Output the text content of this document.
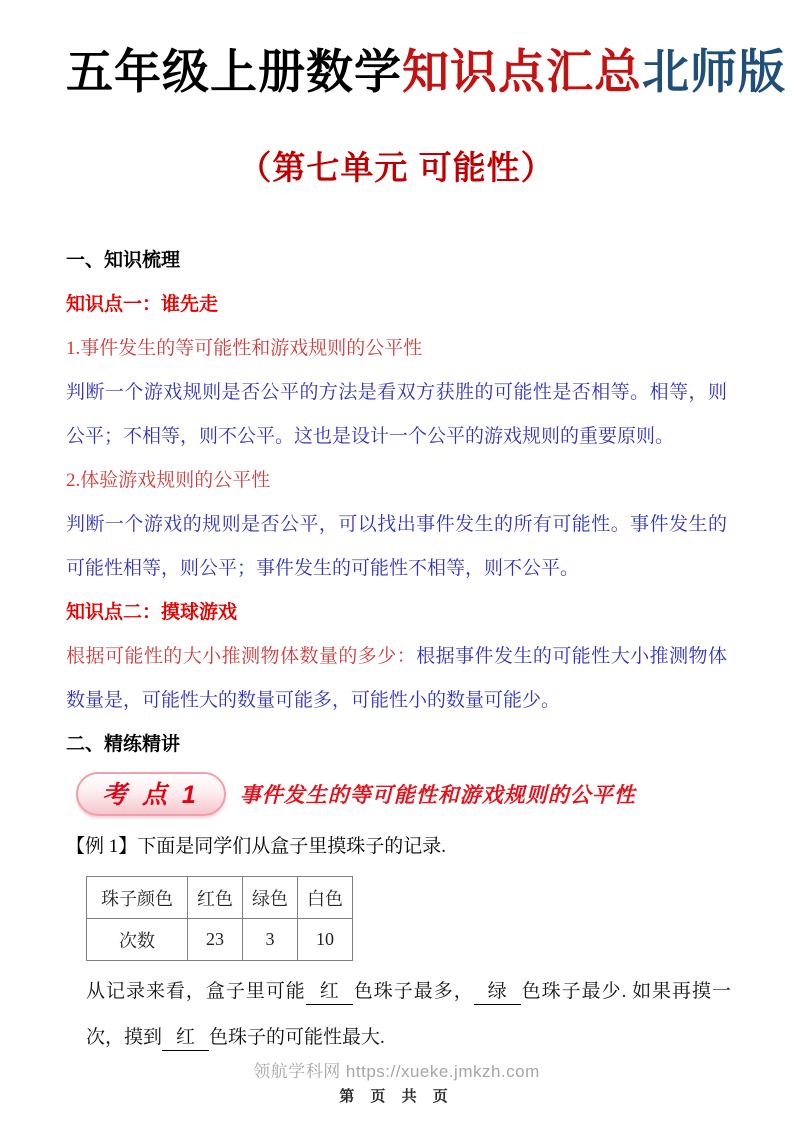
五年级上册数学知识点汇总北师版
（第七单元 可能性）
一、知识梳理
知识点一：谁先走
1.事件发生的等可能性和游戏规则的公平性

判断一个游戏规则是否公平的方法是看双方获胜的可能性是否相等。相等，则公平；不相等，则不公平。这也是设计一个公平的游戏规则的重要原则。

2.体验游戏规则的公平性

判断一个游戏的规则是否公平，可以找出事件发生的所有可能性。事件发生的可能性相等，则公平；事件发生的可能性不相等，则不公平。

知识点二：摸球游戏

根据可能性的大小推测物体数量的多少：根据事件发生的可能性大小推测物体数量是，可能性大的数量可能多，可能性小的数量可能少。

二、精练精讲
考 点 1	事件发生的等可能性和游戏规则的公平性
【例 1】下面是同学们从盒子里摸珠子的记录.
珠子颜色	红色	绿色	白色
次数	23	3	10

从记录来看，盒子里可能 红 色珠子最多， 绿 色珠子最少. 如果再摸一次，摸到 红 色珠子的可能性最大.

领航学科网 https://xueke.jmkzh.com
第 页 共 页
